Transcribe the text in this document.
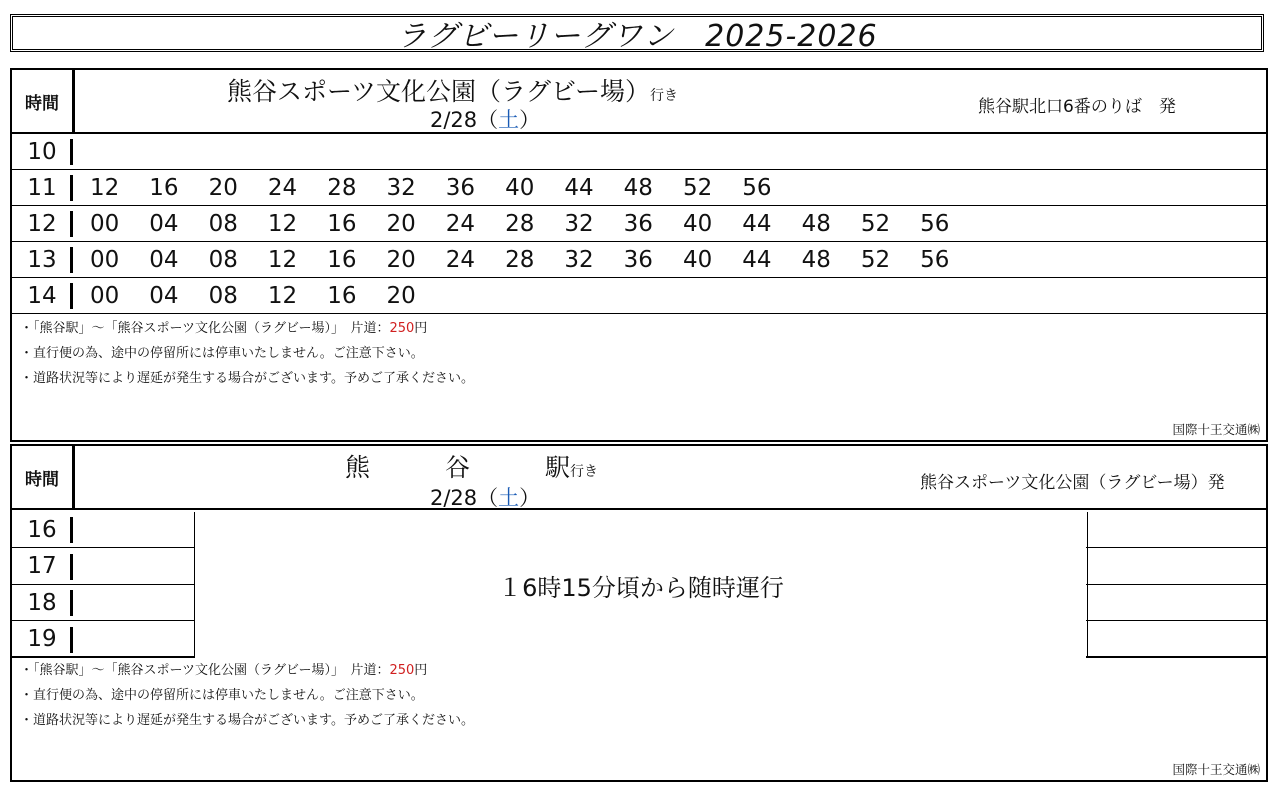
ラグビーリーグワン　2025-2026
時間	熊谷スポーツ文化公園（ラグビー場）行き
2/28（土）
熊谷駅北口6番のりば　発
10
11	12	16	20	24	28	32	36	40	44	48	52	56
12	00	04	08	12	16	20	24	28	32	36	40	44	48	52	56
13	00	04	08	12	16	20	24	28	32	36	40	44	48	52	56
14	00	04	08	12	16	20
・「熊谷駅」～「熊谷スポーツ文化公園（ラグビー場）」　片道：250円
・直行便の為、途中の停留所には停車いたしません。ご注意下さい。
・道路状況等により遅延が発生する場合がございます。予めご了承ください。
国際十王交通㈱
時間	熊　　　谷　　　駅行き
2/28（土）
熊谷スポーツ文化公園（ラグビー場）発
16
17
18
19
１6時15分頃から随時運行
・「熊谷駅」～「熊谷スポーツ文化公園（ラグビー場）」　片道：250円
・直行便の為、途中の停留所には停車いたしません。ご注意下さい。
・道路状況等により遅延が発生する場合がございます。予めご了承ください。
国際十王交通㈱
